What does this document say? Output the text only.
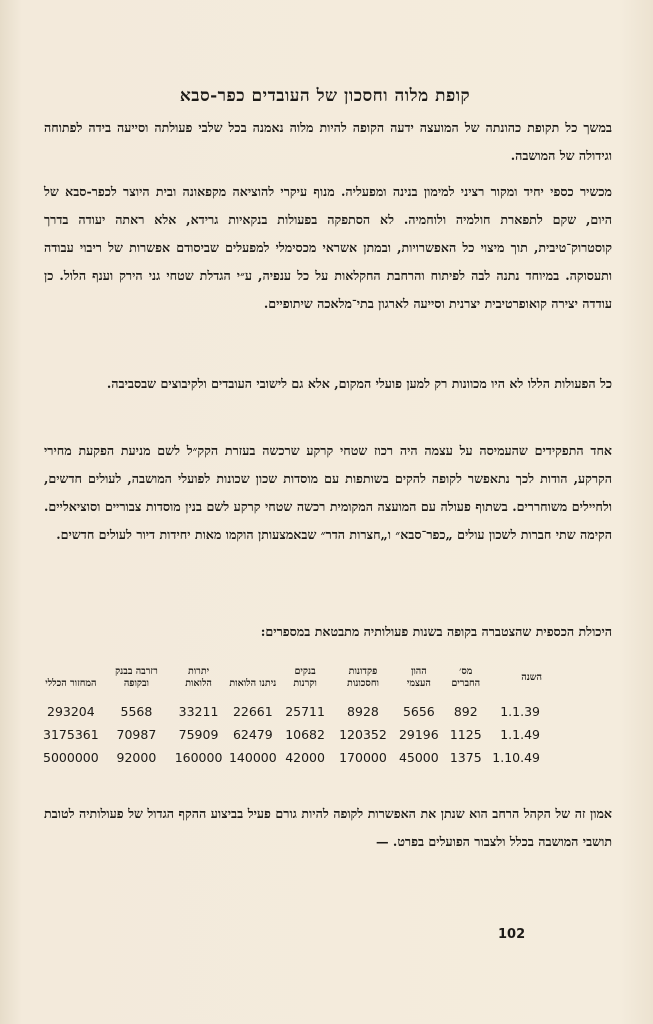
קופת מלוה וחסכון של העובדים כפר-סבא
במשך כל תקופת כהונתה של המועצה ידעה הקופה להיות מלוה נאמנה בכל שלבי פעולתה וסייעה בידה לפתוחה וגידולה של המושבה.
מכשיר כספי יחיד ומקור רציני למימון בנינה ומפעליה. מנוף עיקרי להוציאה מקפאונה ובית היוצר לכפר-סבא של היום, שקם לתפארת חולמיה ולוחמיה. לא הסתפקה בפעולות בנקאיות גרידא, אלא ראתה יעודה בדרך קוסטרוק־טיבית, תוך מיצוי כל האפשרויות, ובמתן אשראי מכסימלי למפעלים שביסודם אפשרות של ריבוי עבודה ותעסוקה. במיוחד נתנה לבה לפיתוח והרחבת החקלאות על כל ענפיה, ע״י הגדלת שטחי גני הירק וענף הלול. כן עודדה יצירה קואופרטיבית יצרנית וסייעה לארגון בתי־מלאכה שיתופיים.
כל הפעולות הללו לא היו מכוונות רק למען פועלי המקום, אלא גם לישובי העובדים ולקיבוצים שבסביבה.
אחד התפקידים שהעמיסה על עצמה היה רכוז שטחי קרקע שרכשה בעזרת הקק״ל לשם מניעת הפקעת מחירי הקרקע, הודות לכך נתאפשר לקופה להקים בשותפות עם מוסדות שכון שכונות לפועלי המושבה, לעולים חדשים, ולחיילים משוחררים. בשתוף פעולה עם המועצה המקומית רכשה שטחי קרקע לשם בנין מוסדות צבוריים וסוציאליים. הקימה שתי חברות לשכון עולים „כפר־סבא״ ו„חצרות הדר״ שבאמצעותן הוקמו מאות יחידות דיור לעולים חדשים.
היכולת הכספית שהצטברה בקופה בשנות פעולותיה מתבטאת במספרים:
השנה	מס׳ החברים	ההון העצמי	פקדונות וחסכונות	בנקים וקרנות	ניתנו הלואות	יתרות הלואות	רזרבה בבנק ובקופה	המחזור הכללי
1.1.39	892	5656	8928	25711	22661	33211	5568	293204
1.1.49	1125	29196	120352	10682	62479	75909	70987	3175361
1.10.49	1375	45000	170000	42000	140000	160000	92000	5000000
אמון זה של הקהל הרחב הוא שנתן את האפשרות לקופה להיות גורם פעיל בביצוע ההקף הגדול של פעולותיה לטובת תושבי המושבה בכלל ולצבור הפועלים בפרט. —
102
